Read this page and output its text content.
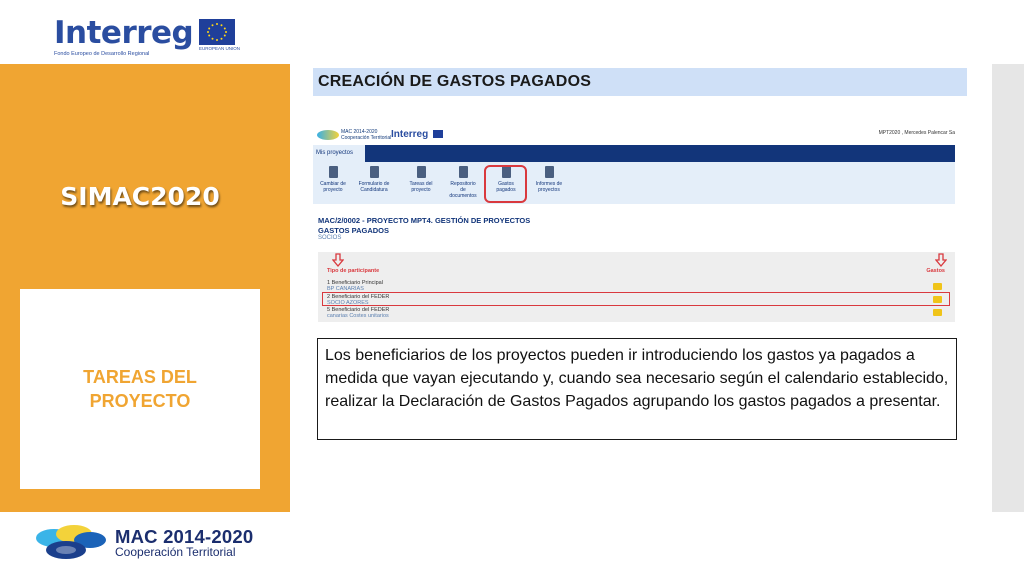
Interreg
Fondo Europeo de Desarrollo Regional
EUROPEAN UNION
SIMAC2020
TAREAS DEL
PROYECTO
CREACIÓN DE GASTOS PAGADOS
MAC 2014-2020
Cooperación Territorial Interreg	MPT2020 , Mercedes Palencar Sa
Mis proyectos
Cambiar de
proyecto
Formulario de
Candidatura
Tareas del
proyecto
Repositorio
de
documentos
Gastos
pagados
Informes de
proyectos
MAC/2/0002 - PROYECTO MPT4. GESTIÓN DE PROYECTOS
GASTOS PAGADOS
SOCIOS
Tipo de participante	Gastos
1 Beneficiario Principal
BP CANARIAS
2 Beneficiario del FEDER
SOCIO AZORES
5 Beneficiario del FEDER
canarias Costes unitarios

Los beneficiarios de los proyectos pueden ir introduciendo los gastos ya pagados a medida que vayan ejecutando y, cuando sea necesario según el calendario establecido, realizar la Declaración de Gastos Pagados agrupando los gastos pagados a presentar.

MAC 2014-2020
Cooperación Territorial
